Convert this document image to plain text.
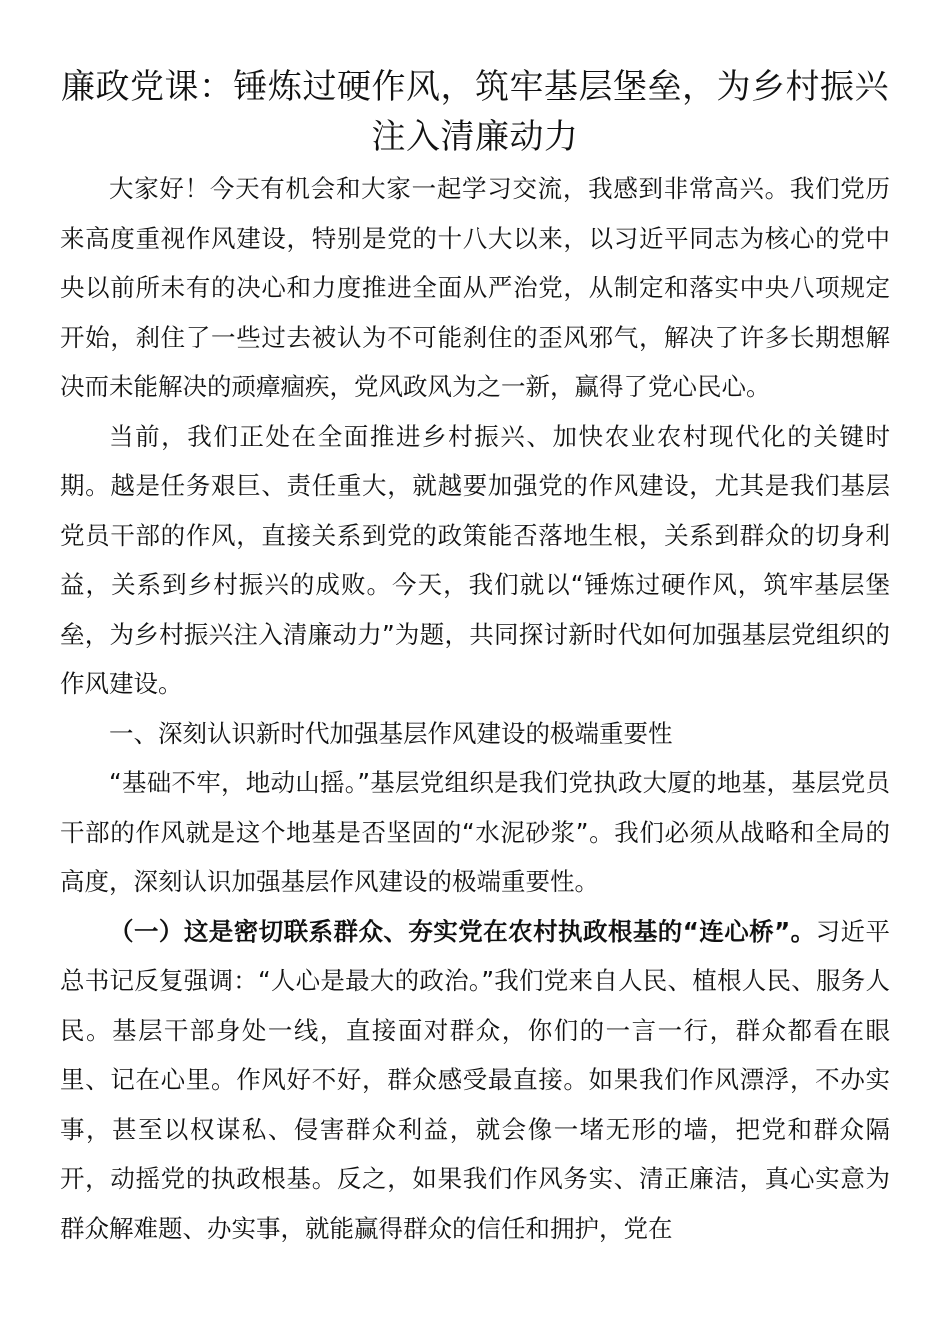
廉政党课：锤炼过硬作风，筑牢基层堡垒，为乡村振兴注入清廉动力

大家好！今天有机会和大家一起学习交流，我感到非常高兴。我们党历来高度重视作风建设，特别是党的十八大以来，以习近平同志为核心的党中央以前所未有的决心和力度推进全面从严治党，从制定和落实中央八项规定开始，刹住了一些过去被认为不可能刹住的歪风邪气，解决了许多长期想解决而未能解决的顽瘴痼疾，党风政风为之一新，赢得了党心民心。

当前，我们正处在全面推进乡村振兴、加快农业农村现代化的关键时期。越是任务艰巨、责任重大，就越要加强党的作风建设，尤其是我们基层党员干部的作风，直接关系到党的政策能否落地生根，关系到群众的切身利益，关系到乡村振兴的成败。今天，我们就以“锤炼过硬作风，筑牢基层堡垒，为乡村振兴注入清廉动力”为题，共同探讨新时代如何加强基层党组织的作风建设。

一、深刻认识新时代加强基层作风建设的极端重要性

“基础不牢，地动山摇。”基层党组织是我们党执政大厦的地基，基层党员干部的作风就是这个地基是否坚固的“水泥砂浆”。我们必须从战略和全局的高度，深刻认识加强基层作风建设的极端重要性。

（一）这是密切联系群众、夯实党在农村执政根基的“连心桥”。习近平总书记反复强调：“人心是最大的政治。”我们党来自人民、植根人民、服务人民。基层干部身处一线，直接面对群众，你们的一言一行，群众都看在眼里、记在心里。作风好不好，群众感受最直接。如果我们作风漂浮，不办实事，甚至以权谋私、侵害群众利益，就会像一堵无形的墙，把党和群众隔开，动摇党的执政根基。反之，如果我们作风务实、清正廉洁，真心实意为群众解难题、办实事，就能赢得群众的信任和拥护，党在
